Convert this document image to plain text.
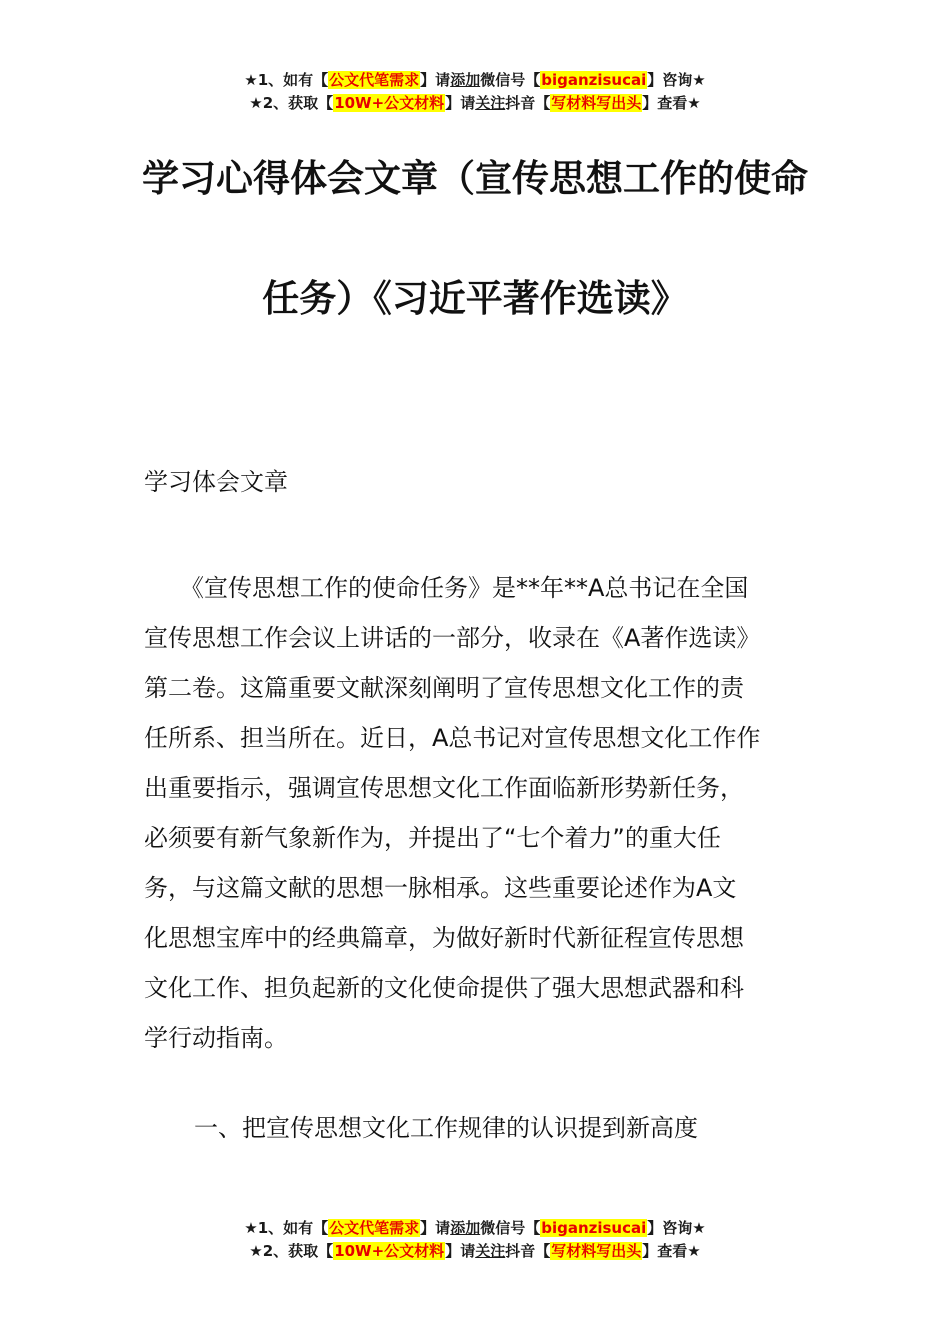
★1、如有【公文代笔需求】请添加微信号【biganzisucai】咨询★
★2、获取【10W+公文材料】请关注抖音【写材料写出头】查看★
学习心得体会文章（宣传思想工作的使命
任务）《习近平著作选读》
学习体会文章
　　《宣传思想工作的使命任务》是**年**A总书记在全国
宣传思想工作会议上讲话的一部分，收录在《A著作选读》
第二卷。这篇重要文献深刻阐明了宣传思想文化工作的责
任所系、担当所在。近日，A总书记对宣传思想文化工作作
出重要指示，强调宣传思想文化工作面临新形势新任务，
必须要有新气象新作为，并提出了“七个着力”的重大任
务，与这篇文献的思想一脉相承。这些重要论述作为A文
化思想宝库中的经典篇章，为做好新时代新征程宣传思想
文化工作、担负起新的文化使命提供了强大思想武器和科
学行动指南。
一、把宣传思想文化工作规律的认识提到新高度
★1、如有【公文代笔需求】请添加微信号【biganzisucai】咨询★
★2、获取【10W+公文材料】请关注抖音【写材料写出头】查看★
